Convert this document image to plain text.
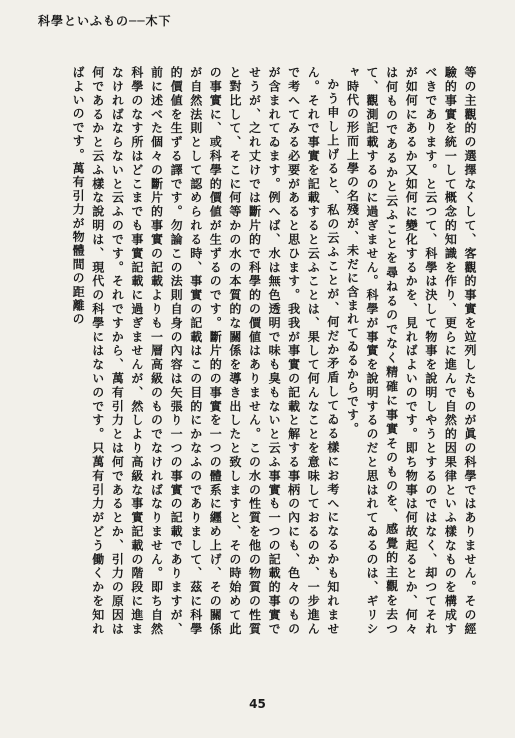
科學といふもの──木下

等の主觀的の選擇なくして、客觀的事實を竝列したものが眞の科學ではありません。その經驗的事實を統一して概念的知識を作り、更らに進んで自然的因果律といふ樣なものを構成すべきであります。と云つて、科學は決して物事を說明しやうとするのではなく、却つてそれが如何にあるか又如何に變化するかを、見ればよいのです。即ち物事は何故起るとか、何々は何ものであるかと云ふことを尋ねるのでなく精確に事實そのものを、感覺的主觀を去つて、觀測記載するのに過ぎません。科學が事實を說明するのだと思はれてゐるのは、ギリシャ時代の形而上學の名殘が、未だに含まれてゐるからです。

かう申し上げると、私の云ふことが、何だか矛盾してゐる樣にお考へになるかも知れません。それで事實を記載すると云ふことは、果して何んなことを意味しておるのか、一步進んで考へてみる必要があると思ひます。我我が事實の記載と解する事柄の內にも、色々のものが含まれてゐます。例へば、水は無色透明で味も臭もないと云ふ事實も一つの記載的事實でせうが、之れ丈けでは斷片的で科學的の價値はありません。この水の性質を他の物質の性質と對比して、そこに何等かの水の本質的な關係を導き出したと致しますと、その時始めて此の事實に、或科學的價値が生ずるのです。斷片的の事實を一つの體系に纒め上げ、その關係が自然法則として認められる時、事實の記載はこの目的にかなふのでありまして、茲に科學的價値を生ずる譯です。勿論この法則自身の內容は矢張り一つの事實の記載でありますが、前に述べた個々の斷片的事實の記載よりも一層高級のものでなければなりません。即ち自然科學のなす所はどこまでも事實記載に過ぎませんが、然しより高級な事實記載の階段に進まなければならないと云ふのです。それですから、萬有引力とは何であるとか、引力の原因は何であるかと云ふ樣な說明は、現代の科學にはないのです。只萬有引力がどう働くかを知ればよいのです。萬有引力が物體間の距離の

45
